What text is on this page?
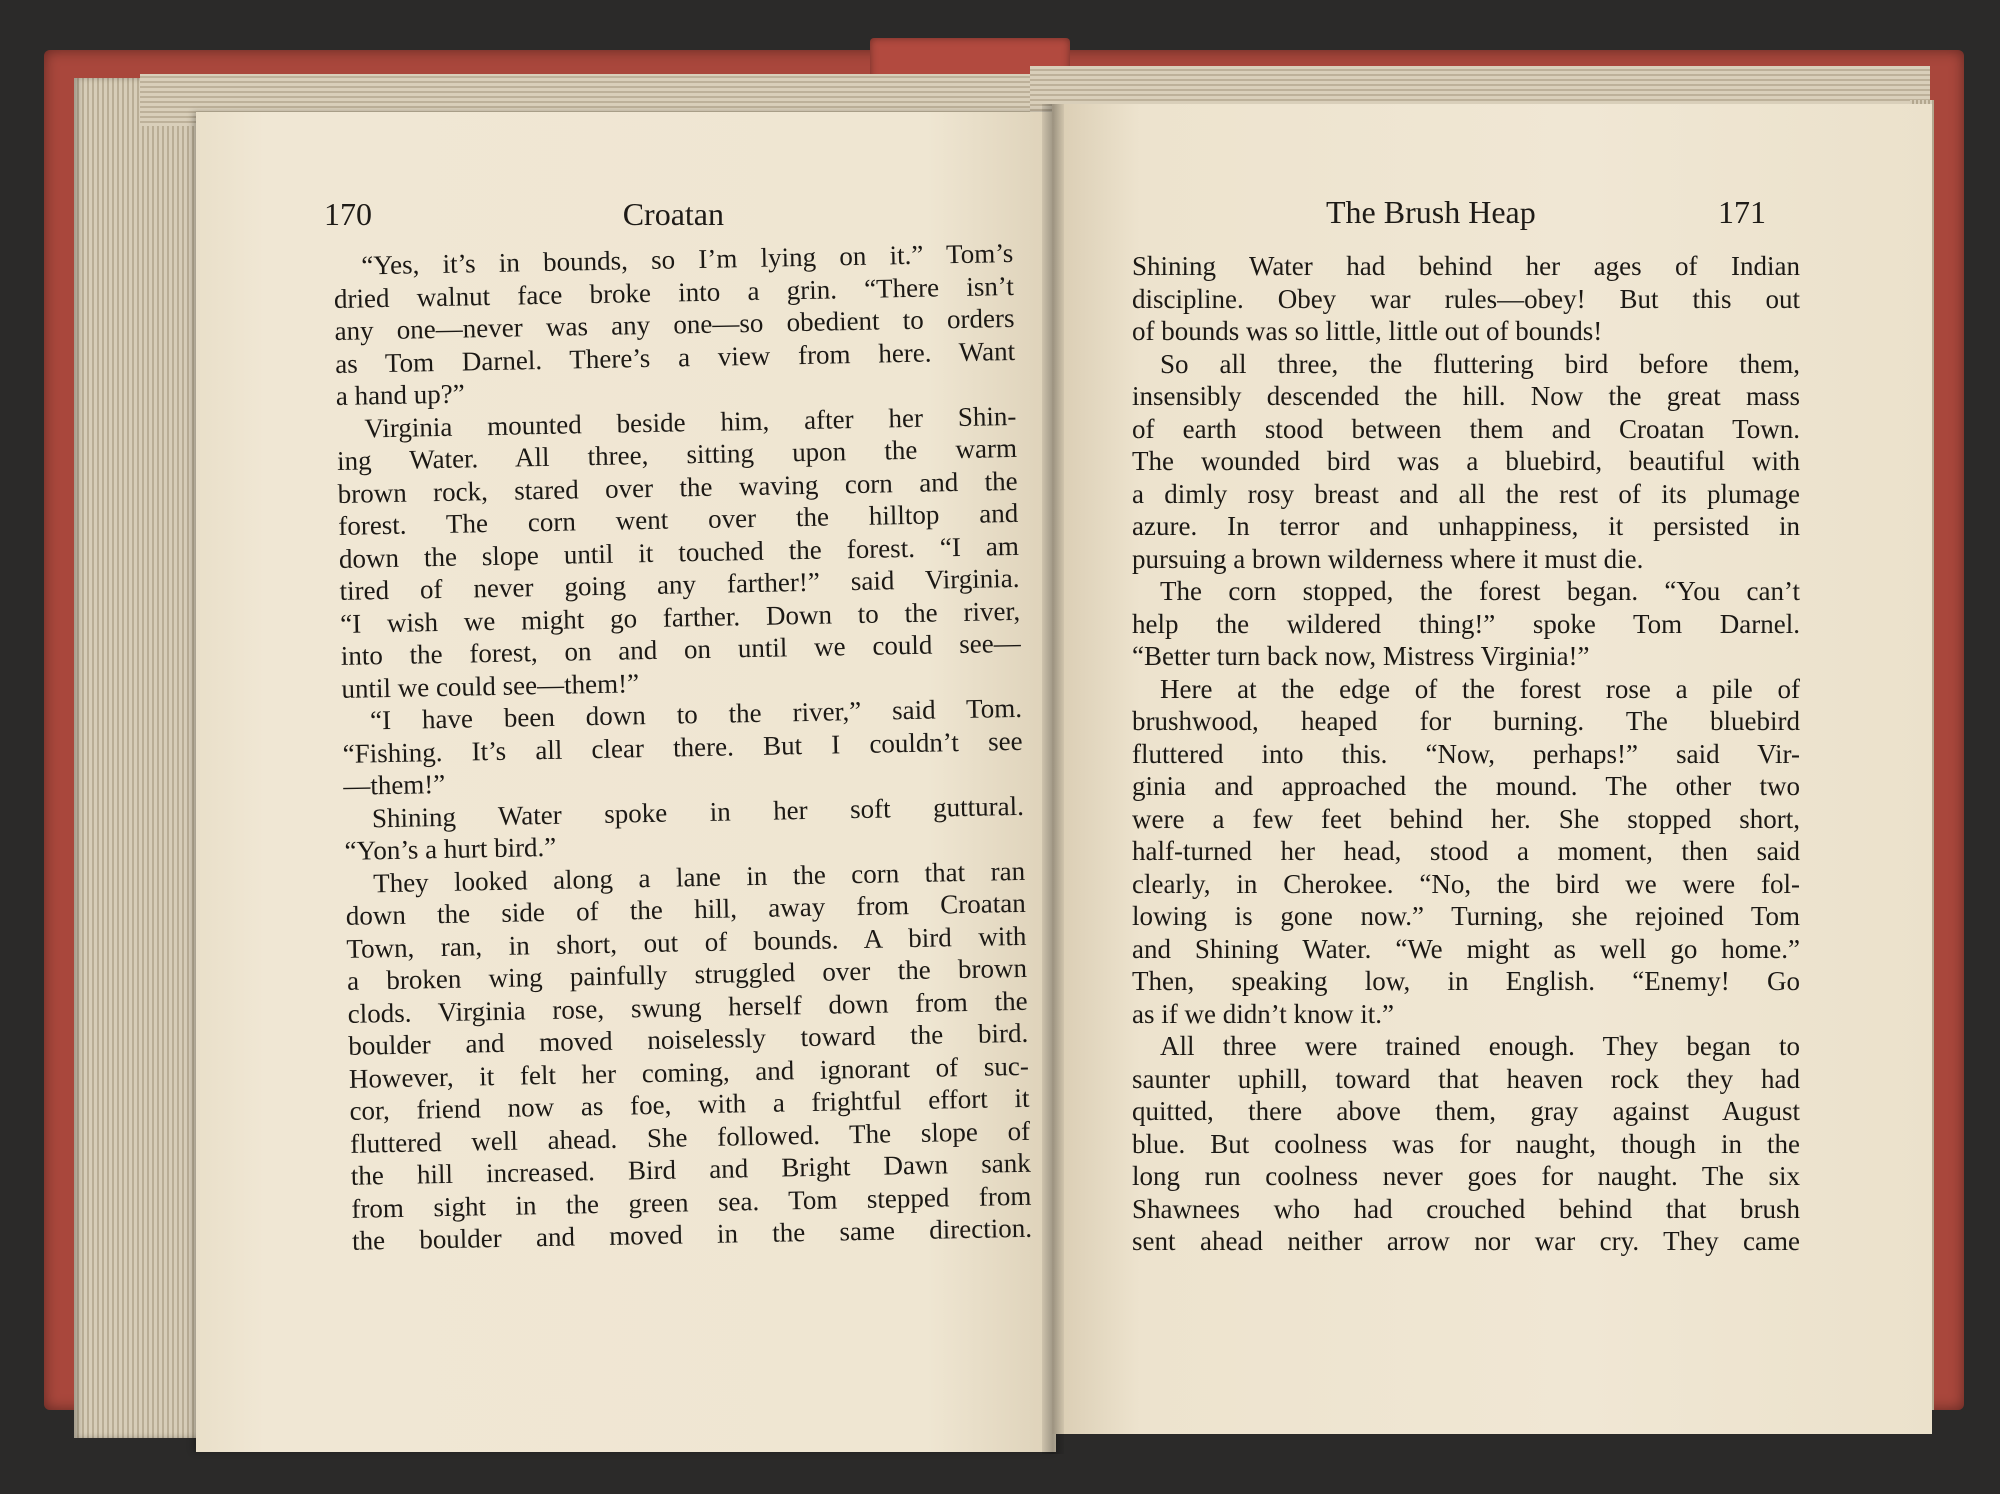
170	Croatan	The Brush Heap	171
“Yes, it’s in bounds, so I’m lying on it.” Tom’s
dried walnut face broke into a grin. “There isn’t
any one—never was any one—so obedient to orders
as Tom Darnel. There’s a view from here. Want
a hand up?”
Virginia mounted beside him, after her Shin-
ing Water. All three, sitting upon the warm
brown rock, stared over the waving corn and the
forest. The corn went over the hilltop and
down the slope until it touched the forest. “I am
tired of never going any farther!” said Virginia.
“I wish we might go farther. Down to the river,
into the forest, on and on until we could see—
until we could see—them!”
“I have been down to the river,” said Tom.
“Fishing. It’s all clear there. But I couldn’t see
—them!”
Shining Water spoke in her soft guttural.
“Yon’s a hurt bird.”
They looked along a lane in the corn that ran
down the side of the hill, away from Croatan
Town, ran, in short, out of bounds. A bird with
a broken wing painfully struggled over the brown
clods. Virginia rose, swung herself down from the
boulder and moved noiselessly toward the bird.
However, it felt her coming, and ignorant of suc-
cor, friend now as foe, with a frightful effort it
fluttered well ahead. She followed. The slope of
the hill increased. Bird and Bright Dawn sank
from sight in the green sea. Tom stepped from
the boulder and moved in the same direction.
Shining Water had behind her ages of Indian
discipline. Obey war rules—obey! But this out
of bounds was so little, little out of bounds!
So all three, the fluttering bird before them,
insensibly descended the hill. Now the great mass
of earth stood between them and Croatan Town.
The wounded bird was a bluebird, beautiful with
a dimly rosy breast and all the rest of its plumage
azure. In terror and unhappiness, it persisted in
pursuing a brown wilderness where it must die.
The corn stopped, the forest began. “You can’t
help the wildered thing!” spoke Tom Darnel.
“Better turn back now, Mistress Virginia!”
Here at the edge of the forest rose a pile of
brushwood, heaped for burning. The bluebird
fluttered into this. “Now, perhaps!” said Vir-
ginia and approached the mound. The other two
were a few feet behind her. She stopped short,
half-turned her head, stood a moment, then said
clearly, in Cherokee. “No, the bird we were fol-
lowing is gone now.” Turning, she rejoined Tom
and Shining Water. “We might as well go home.”
Then, speaking low, in English. “Enemy! Go
as if we didn’t know it.”
All three were trained enough. They began to
saunter uphill, toward that heaven rock they had
quitted, there above them, gray against August
blue. But coolness was for naught, though in the
long run coolness never goes for naught. The six
Shawnees who had crouched behind that brush
sent ahead neither arrow nor war cry. They came
